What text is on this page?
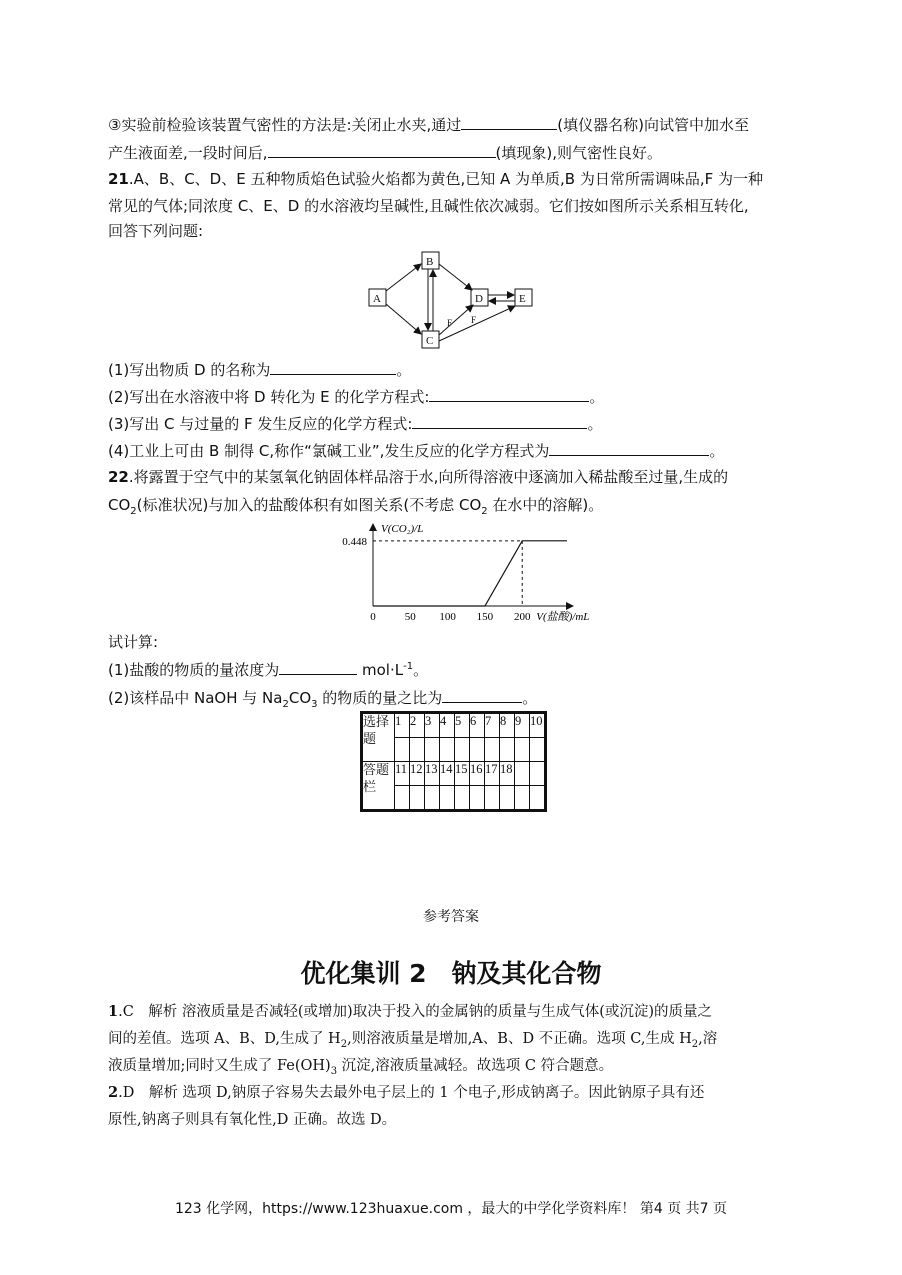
③实验前检验该装置气密性的方法是:关闭止水夹,通过	(填仪器名称)向试管中加水至
产生液面差,一段时间后,	(填现象),则气密性良好。
21.A、B、C、D、E 五种物质焰色试验火焰都为黄色,已知 A 为单质,B 为日常所需调味品,F 为一种
常见的气体;同浓度 C、E、D 的水溶液均呈碱性,且碱性依次减弱。它们按如图所示关系相互转化,
回答下列问题:
A
B
C
D	E
F F
(1)写出物质 D 的名称为	。
(2)写出在水溶液中将 D 转化为 E 的化学方程式:	。
(3)写出 C 与过量的 F 发生反应的化学方程式:	。
(4)工业上可由 B 制得 C,称作“氯碱工业”,发生反应的化学方程式为	。
22.将露置于空气中的某氢氧化钠固体样品溶于水,向所得溶液中逐滴加入稀盐酸至过量,生成的
$CO_2$(标准状况)与加入的盐酸体积有如图关系(不考虑 $CO_2$ 在水中的溶解)。
V(CO₂)/L
V(盐酸)/mL
0	50 100 150 200
0.448
试计算:
(1)盐酸的物质的量浓度为	$mol\cdot L^{-1}$。
(2)该样品中 NaOH 与 $Na_2CO_3$ 的物质的量之比为	。
选择
题	1	2	3	4	5	6	7	8	9	10

答题
栏	11	12	13	14	15	16	17	18		

参考答案
优化集训 2　钠及其化合物
1.C　解析 溶液质量是否减轻(或增加)取决于投入的金属钠的质量与生成气体(或沉淀)的质量之
间的差值。选项 A、B、D,生成了 $H_2$,则溶液质量是增加,A、B、D 不正确。选项 C,生成 $H_2$,溶
液质量增加;同时又生成了 $Fe(OH)_3$ 沉淀,溶液质量减轻。故选项 C 符合题意。
2.D　解析 选项 D,钠原子容易失去最外电子层上的 1 个电子,形成钠离子。因此钠原子具有还
原性,钠离子则具有氧化性,D 正确。故选 D。
123 化学网，https://www.123huaxue.com ，最大的中学化学资料库！ 第4 页 共7 页
